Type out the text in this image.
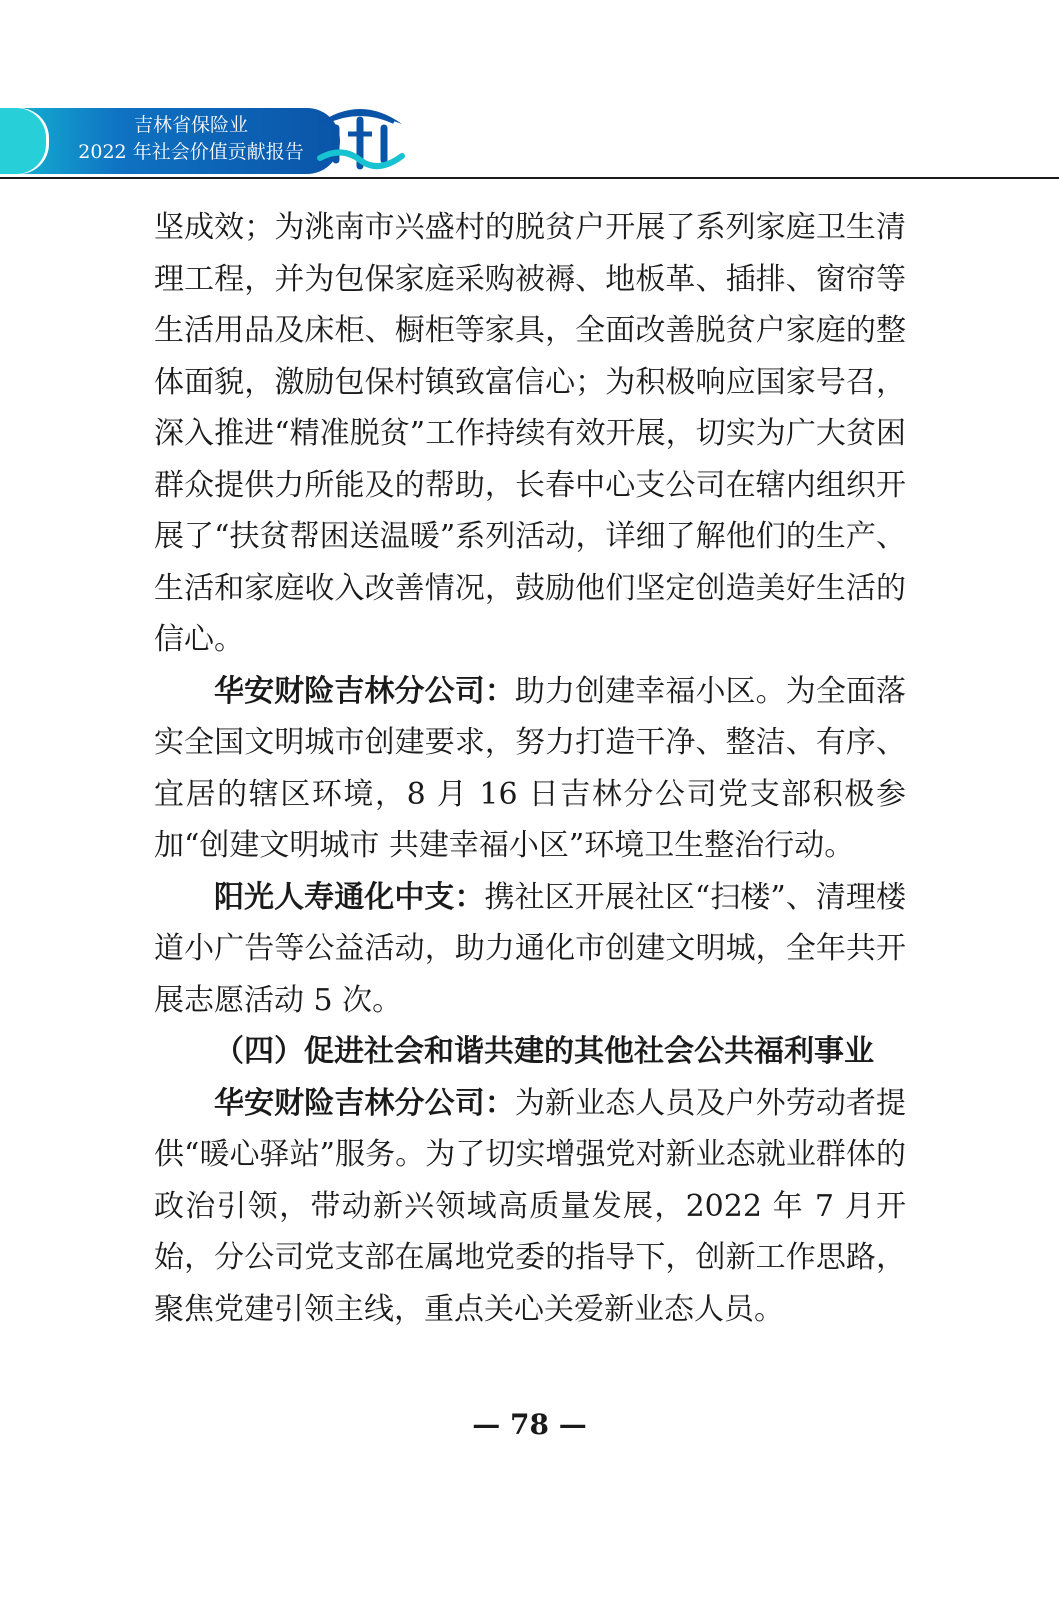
吉林省保险业
2022 年社会价值贡献报告

坚成效；为洮南市兴盛村的脱贫户开展了系列家庭卫生清理工程，并为包保家庭采购被褥、地板革、插排、窗帘等生活用品及床柜、橱柜等家具，全面改善脱贫户家庭的整体面貌，激励包保村镇致富信心；为积极响应国家号召，深入推进“精准脱贫”工作持续有效开展，切实为广大贫困群众提供力所能及的帮助，长春中心支公司在辖内组织开展了“扶贫帮困送温暖”系列活动，详细了解他们的生产、生活和家庭收入改善情况，鼓励他们坚定创造美好生活的信心。

华安财险吉林分公司：助力创建幸福小区。为全面落实全国文明城市创建要求，努力打造干净、整洁、有序、宜居的辖区环境，8 月 16 日吉林分公司党支部积极参加“创建文明城市 共建幸福小区”环境卫生整治行动。

阳光人寿通化中支：携社区开展社区“扫楼”、清理楼道小广告等公益活动，助力通化市创建文明城，全年共开展志愿活动 5 次。

（四）促进社会和谐共建的其他社会公共福利事业

华安财险吉林分公司：为新业态人员及户外劳动者提供“暖心驿站”服务。为了切实增强党对新业态就业群体的政治引领，带动新兴领域高质量发展，2022 年 7 月开始，分公司党支部在属地党委的指导下，创新工作思路，聚焦党建引领主线，重点关心关爱新业态人员。

— 78 —
